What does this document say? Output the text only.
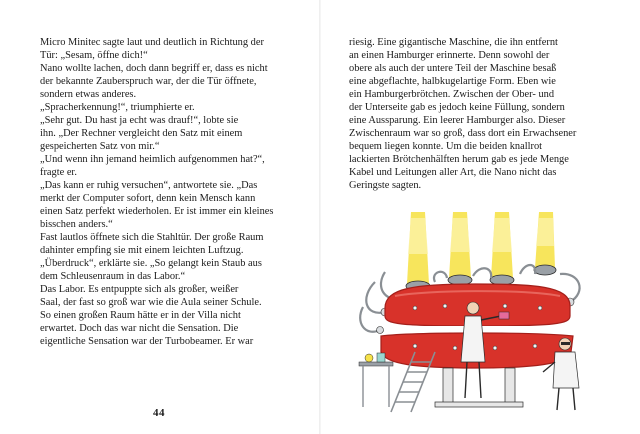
Micro Minitec sagte laut und deutlich in Richtung der
Tür: „Sesam, öffne dich!“
Nano wollte lachen, doch dann begriff er, dass es nicht
der bekannte Zauberspruch war, der die Tür öffnete,
sondern etwas anderes.
„Spracherkennung!“, triumphierte er.
„Sehr gut. Du hast ja echt was drauf!“, lobte sie
ihn. „Der Rechner vergleicht den Satz mit einem
gespeicherten Satz von mir.“
„Und wenn ihn jemand heimlich aufgenommen hat?“,
fragte er.
„Das kann er ruhig versuchen“, antwortete sie. „Das
merkt der Computer sofort, denn kein Mensch kann
einen Satz perfekt wiederholen. Er ist immer ein kleines
bisschen anders.“
Fast lautlos öffnete sich die Stahltür. Der große Raum
dahinter empfing sie mit einem leichten Luftzug.
„Überdruck“, erklärte sie. „So gelangt kein Staub aus
dem Schleusenraum in das Labor.“
Das Labor. Es entpuppte sich als großer, weißer
Saal, der fast so groß war wie die Aula seiner Schule.
So einen großen Raum hätte er in der Villa nicht
erwartet. Doch das war nicht die Sensation. Die
eigentliche Sensation war der Turbobeamer. Er war
44
riesig. Eine gigantische Maschine, die ihn entfernt
an einen Hamburger erinnerte. Denn sowohl der
obere als auch der untere Teil der Maschine besaß
eine abgeflachte, halbkugelartige Form. Eben wie
ein Hamburgerbrötchen. Zwischen der Ober- und
der Unterseite gab es jedoch keine Füllung, sondern
eine Aussparung. Ein leerer Hamburger also. Dieser
Zwischenraum war so groß, dass dort ein Erwachsener
bequem liegen konnte. Um die beiden knallrot
lackierten Brötchenhälften herum gab es jede Menge
Kabel und Leitungen aller Art, die Nano nicht das
Geringste sagten.
